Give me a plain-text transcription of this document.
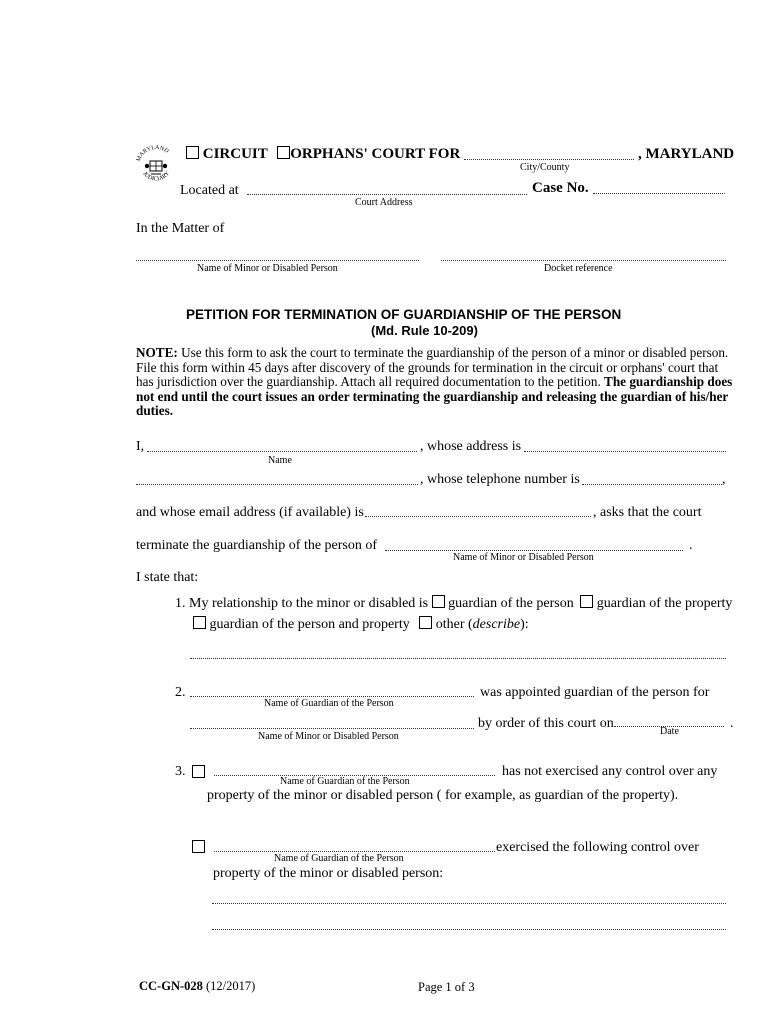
MARYLAND
JUDICIARY
CIRCUIT ORPHANS' COURT FOR	, MARYLAND
City/County
Located at
Court Address
Case No.
In the Matter of
Name of Minor or Disabled Person	Docket reference
PETITION FOR TERMINATION OF GUARDIANSHIP OF THE PERSON
(Md. Rule 10-209)
NOTE: Use this form to ask the court to terminate the guardianship of the person of a minor or disabled person. File this form within 45 days after discovery of the grounds for termination in the circuit or orphans' court that has jurisdiction over the guardianship. Attach all required documentation to the petition. The guardianship does not end until the court issues an order terminating the guardianship and releasing the guardian of his/her duties.
I,	, whose address is
Name
, whose telephone number is	,
and whose email address (if available) is	, asks that the court
terminate the guardianship of the person of	.
Name of Minor or Disabled Person
I state that:
1. My relationship to the minor or disabled is guardian of the person guardian of the property
guardian of the person and property other (describe):
2.	was appointed guardian of the person for
Name of Guardian of the Person
by order of this court on	.
Name of Minor or Disabled Person	Date
3.	has not exercised any control over any
Name of Guardian of the Person
property of the minor or disabled person ( for example, as guardian of the property).
exercised the following control over
Name of Guardian of the Person
property of the minor or disabled person:
CC-GN-028 (12/2017)	Page 1 of 3
